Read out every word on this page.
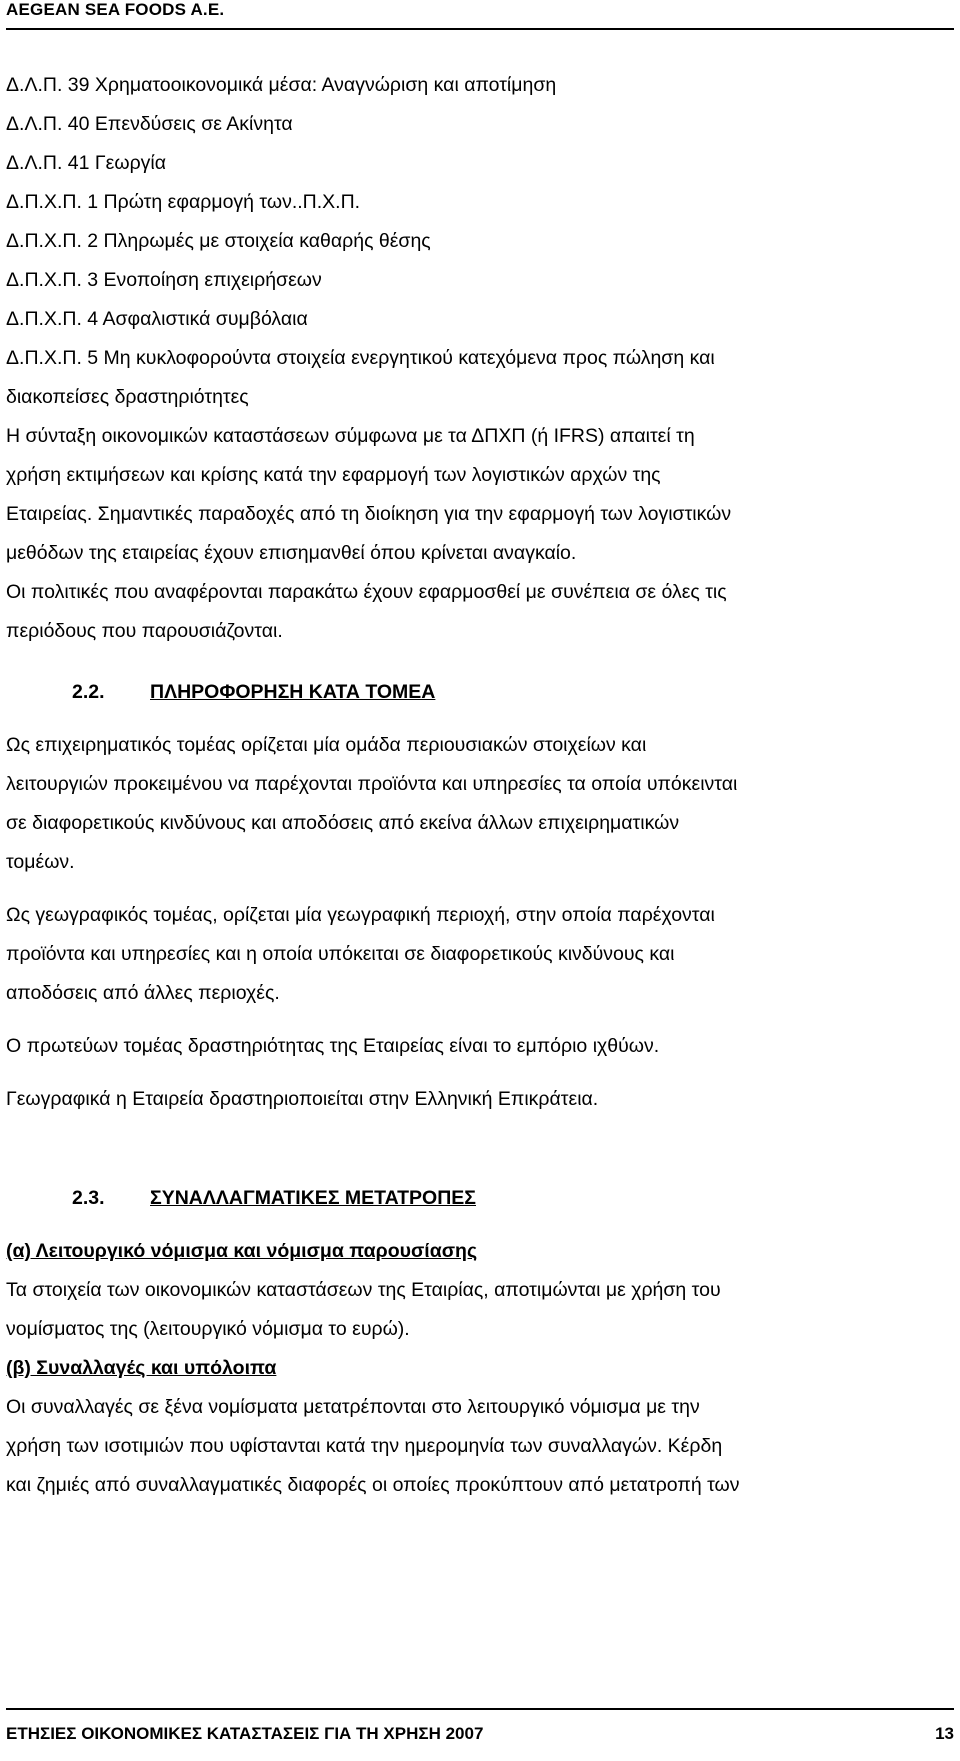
AEGEAN SEA FOODS A.E.
Δ.Λ.Π. 39 Χρηματοοικονομικά μέσα: Αναγνώριση και αποτίμηση
Δ.Λ.Π. 40 Επενδύσεις σε Ακίνητα
Δ.Λ.Π. 41 Γεωργία
Δ.Π.Χ.Π. 1 Πρώτη εφαρμογή των..Π.Χ.Π.
Δ.Π.Χ.Π. 2 Πληρωμές με στοιχεία καθαρής θέσης
Δ.Π.Χ.Π. 3 Ενοποίηση επιχειρήσεων
Δ.Π.Χ.Π. 4 Ασφαλιστικά συμβόλαια
Δ.Π.Χ.Π. 5 Μη κυκλοφορούντα στοιχεία ενεργητικού κατεχόμενα προς πώληση και
διακοπείσες δραστηριότητες
Η σύνταξη οικονομικών καταστάσεων σύμφωνα με τα ΔΠΧΠ (ή IFRS) απαιτεί τη
χρήση εκτιμήσεων και κρίσης κατά την εφαρμογή των λογιστικών αρχών της
Εταιρείας. Σημαντικές παραδοχές από τη διοίκηση για την εφαρμογή των λογιστικών
μεθόδων της εταιρείας έχουν επισημανθεί όπου κρίνεται αναγκαίο.
Οι πολιτικές που αναφέρονται παρακάτω έχουν εφαρμοσθεί με συνέπεια σε όλες τις
περιόδους που παρουσιάζονται.
2.2. ΠΛΗΡΟΦΟΡΗΣΗ ΚΑΤΑ ΤΟΜΕΑ
Ως επιχειρηματικός τομέας ορίζεται μία ομάδα περιουσιακών στοιχείων και
λειτουργιών προκειμένου να παρέχονται προϊόντα και υπηρεσίες τα οποία υπόκεινται
σε διαφορετικούς κινδύνους και αποδόσεις από εκείνα άλλων επιχειρηματικών
τομέων.
Ως γεωγραφικός τομέας, ορίζεται μία γεωγραφική περιοχή, στην οποία παρέχονται
προϊόντα και υπηρεσίες και η οποία υπόκειται σε διαφορετικούς κινδύνους και
αποδόσεις από άλλες περιοχές.
Ο πρωτεύων τομέας δραστηριότητας της Εταιρείας είναι το εμπόριο ιχθύων.
Γεωγραφικά η Εταιρεία δραστηριοποιείται στην Ελληνική Επικράτεια.
2.3. ΣΥΝΑΛΛΑΓΜΑΤΙΚΕΣ ΜΕΤΑΤΡΟΠΕΣ
(α) Λειτουργικό νόμισμα και νόμισμα παρουσίασης
Τα στοιχεία των οικονομικών καταστάσεων της Εταιρίας, αποτιμώνται με χρήση του
νομίσματος της (λειτουργικό νόμισμα το ευρώ).
(β) Συναλλαγές και υπόλοιπα
Οι συναλλαγές σε ξένα νομίσματα μετατρέπονται στο λειτουργικό νόμισμα με την
χρήση των ισοτιμιών που υφίστανται κατά την ημερομηνία των συναλλαγών. Κέρδη
και ζημιές από συναλλαγματικές διαφορές οι οποίες προκύπτουν από μετατροπή των
ΕΤΗΣΙΕΣ ΟΙΚΟΝΟΜΙΚΕΣ ΚΑΤΑΣΤΑΣΕΙΣ ΓΙΑ ΤΗ ΧΡΗΣΗ 2007	13
